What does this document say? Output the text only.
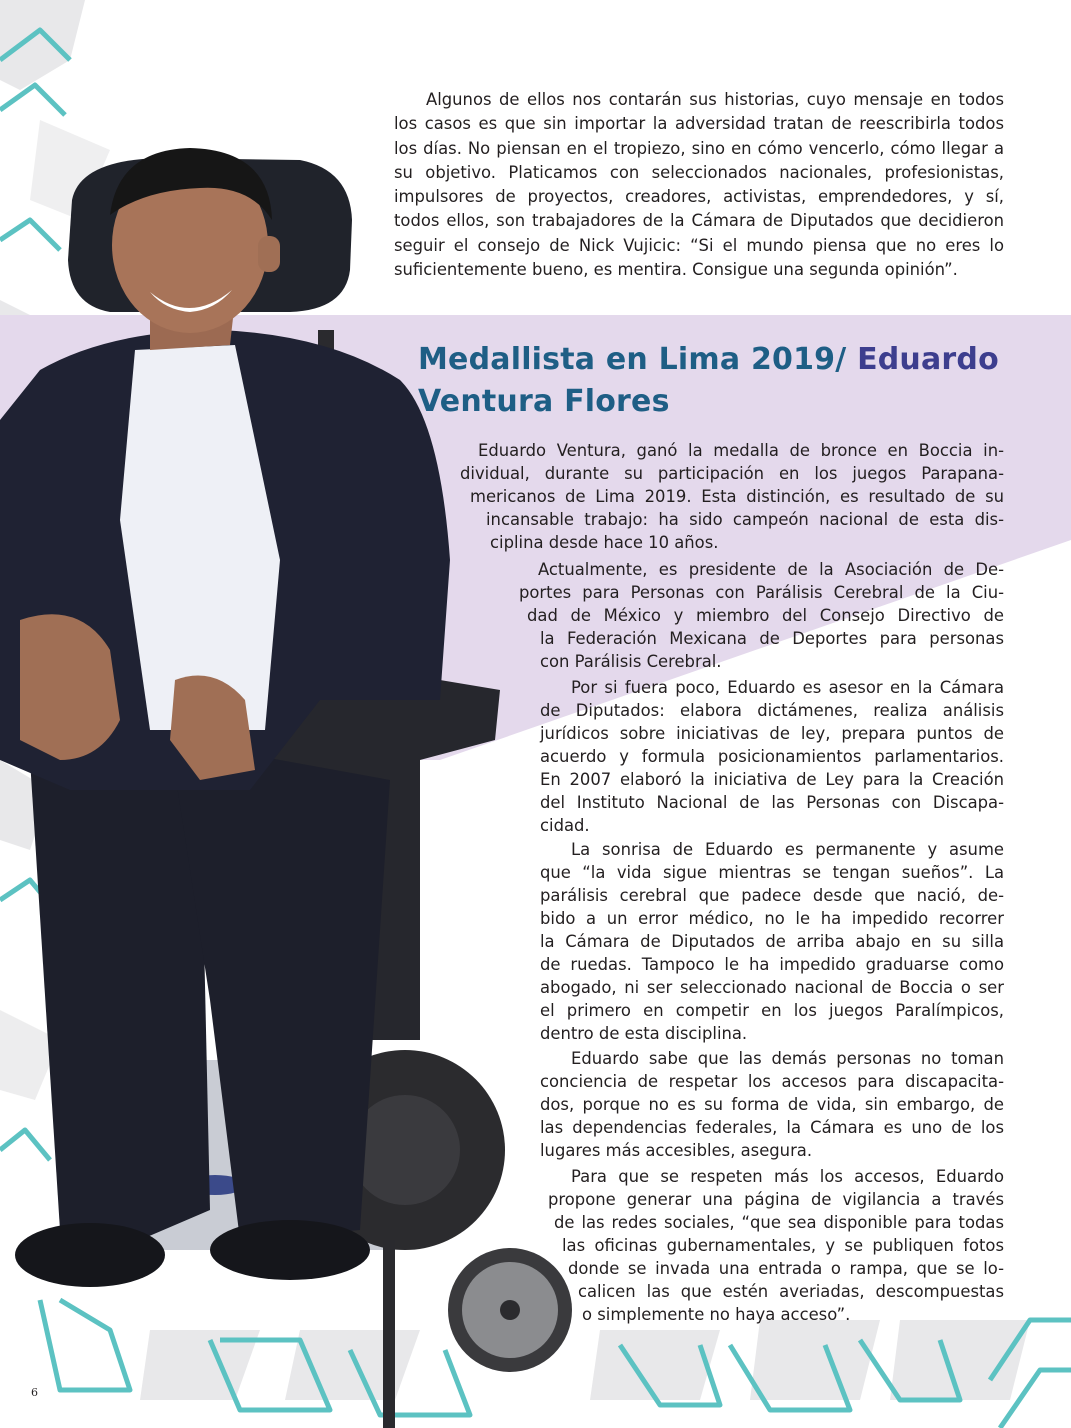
Algunos de ellos nos contarán sus historias, cuyo mensaje en todos los casos es que sin importar la adversidad tratan de reescribirla todos los días. No piensan en el tropiezo, sino en cómo vencerlo, cómo llegar a su objetivo. Platicamos con seleccionados nacionales, profesionistas, impulsores de proyectos, creadores, activistas, emprendedores, y sí, todos ellos, son trabajadores de la Cámara de Diputados que decidieron seguir el consejo de Nick Vujicic: “Si el mundo piensa que no eres lo suficientemente bueno, es mentira. Consigue una segunda opinión”.

Medallista en Lima 2019/ Eduardo
Ventura Flores
Eduardo Ventura, ganó la medalla de bronce en Boccia in-
dividual, durante su participación en los juegos Parapana-
mericanos de Lima 2019. Esta distinción, es resultado de su
incansable trabajo: ha sido campeón nacional de esta dis-
ciplina desde hace 10 años.
Actualmente, es presidente de la Asociación de De-
portes para Personas con Parálisis Cerebral de la Ciu-
dad de México y miembro del Consejo Directivo de
la Federación Mexicana de Deportes para personas
con Parálisis Cerebral.
Por si fuera poco, Eduardo es asesor en la Cámara
de Diputados: elabora dictámenes, realiza análisis
jurídicos sobre iniciativas de ley, prepara puntos de
acuerdo y formula posicionamientos parlamentarios.
En 2007 elaboró la iniciativa de Ley para la Creación
del Instituto Nacional de las Personas con Discapa-
cidad.
La sonrisa de Eduardo es permanente y asume
que “la vida sigue mientras se tengan sueños”. La
parálisis cerebral que padece desde que nació, de-
bido a un error médico, no le ha impedido recorrer
la Cámara de Diputados de arriba abajo en su silla
de ruedas. Tampoco le ha impedido graduarse como
abogado, ni ser seleccionado nacional de Boccia o ser
el primero en competir en los juegos Paralímpicos,
dentro de esta disciplina.
Eduardo sabe que las demás personas no toman
conciencia de respetar los accesos para discapacita-
dos, porque no es su forma de vida, sin embargo, de
las dependencias federales, la Cámara es uno de los
lugares más accesibles, asegura.
Para que se respeten más los accesos, Eduardo
propone generar una página de vigilancia a través
de las redes sociales, “que sea disponible para todas
las oficinas gubernamentales, y se publiquen fotos
donde se invada una entrada o rampa, que se lo-
calicen las que estén averiadas, descompuestas
o simplemente no haya acceso”.
6
